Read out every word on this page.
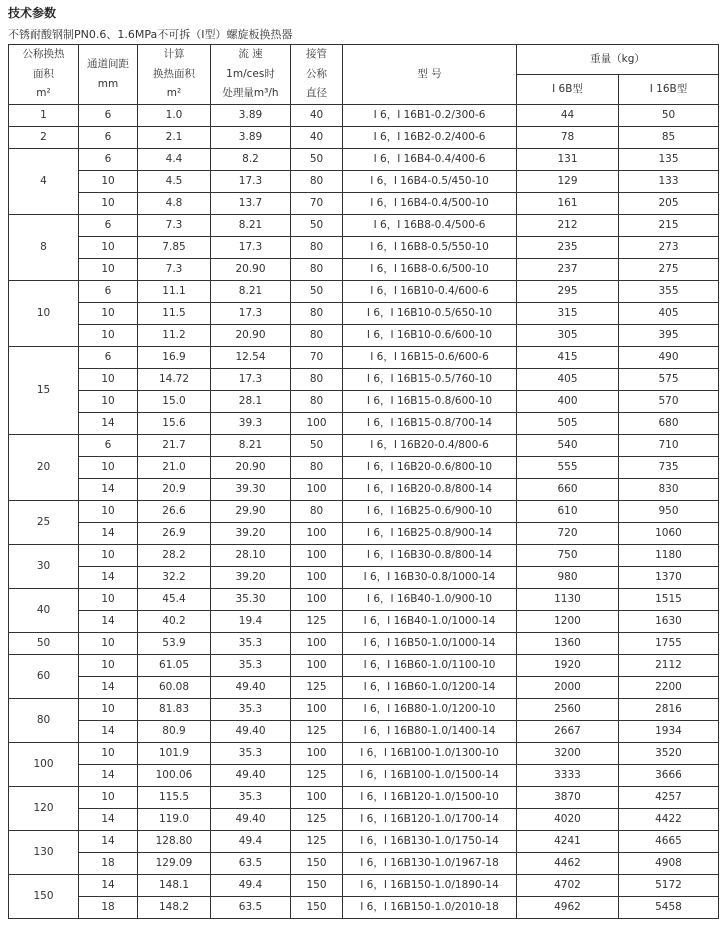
技术参数
不锈耐酸钢制PN0.6、1.6MPa不可拆（I型）螺旋板换热器
公称换热
面积
m²	通道间距
mm	计算
换热面积
m²	流 速
1m/ces时
处理量m³/h	接管
公称
直径	型 号	重量（kg）	
						I 6B型	I 16B型
1	6	1.0	3.89	40	I 6，I 16B1-0.2/300-6	44	50
2	6	2.1	3.89	40	I 6，I 16B2-0.2/400-6	78	85
4	6	4.4	8.2	50	I 6，I 16B4-0.4/400-6	131	135
	10	4.5	17.3	80	I 6，I 16B4-0.5/450-10	129	133
	10	4.8	13.7	70	I 6，I 16B4-0.4/500-10	161	205
8	6	7.3	8.21	50	I 6，I 16B8-0.4/500-6	212	215
	10	7.85	17.3	80	I 6，I 16B8-0.5/550-10	235	273
	10	7.3	20.90	80	I 6，I 16B8-0.6/500-10	237	275
10	6	11.1	8.21	50	I 6，I 16B10-0.4/600-6	295	355
	10	11.5	17.3	80	I 6，I 16B10-0.5/650-10	315	405
	10	11.2	20.90	80	I 6，I 16B10-0.6/600-10	305	395
15	6	16.9	12.54	70	I 6，I 16B15-0.6/600-6	415	490
	10	14.72	17.3	80	I 6，I 16B15-0.5/760-10	405	575
	10	15.0	28.1	80	I 6，I 16B15-0.8/600-10	400	570
	14	15.6	39.3	100	I 6，I 16B15-0.8/700-14	505	680
20	6	21.7	8.21	50	I 6，I 16B20-0.4/800-6	540	710
	10	21.0	20.90	80	I 6，I 16B20-0.6/800-10	555	735
	14	20.9	39.30	100	I 6，I 16B20-0.8/800-14	660	830
25	10	26.6	29.90	80	I 6，I 16B25-0.6/900-10	610	950
	14	26.9	39.20	100	I 6，I 16B25-0.8/900-14	720	1060
30	10	28.2	28.10	100	I 6，I 16B30-0.8/800-14	750	1180
	14	32.2	39.20	100	I 6，I 16B30-0.8/1000-14	980	1370
40	10	45.4	35.30	100	I 6，I 16B40-1.0/900-10	1130	1515
	14	40.2	19.4	125	I 6，I 16B40-1.0/1000-14	1200	1630
50	10	53.9	35.3	100	I 6，I 16B50-1.0/1000-14	1360	1755
60	10	61.05	35.3	100	I 6，I 16B60-1.0/1100-10	1920	2112
	14	60.08	49.40	125	I 6，I 16B60-1.0/1200-14	2000	2200
80	10	81.83	35.3	100	I 6，I 16B80-1.0/1200-10	2560	2816
	14	80.9	49.40	125	I 6，I 16B80-1.0/1400-14	2667	1934
100	10	101.9	35.3	100	I 6，I 16B100-1.0/1300-10	3200	3520
	14	100.06	49.40	125	I 6，I 16B100-1.0/1500-14	3333	3666
120	10	115.5	35.3	100	I 6，I 16B120-1.0/1500-10	3870	4257
	14	119.0	49.40	125	I 6，I 16B120-1.0/1700-14	4020	4422
130	14	128.80	49.4	125	I 6，I 16B130-1.0/1750-14	4241	4665
	18	129.09	63.5	150	I 6，I 16B130-1.0/1967-18	4462	4908
150	14	148.1	49.4	150	I 6，I 16B150-1.0/1890-14	4702	5172
	18	148.2	63.5	150	I 6，I 16B150-1.0/2010-18	4962	5458
